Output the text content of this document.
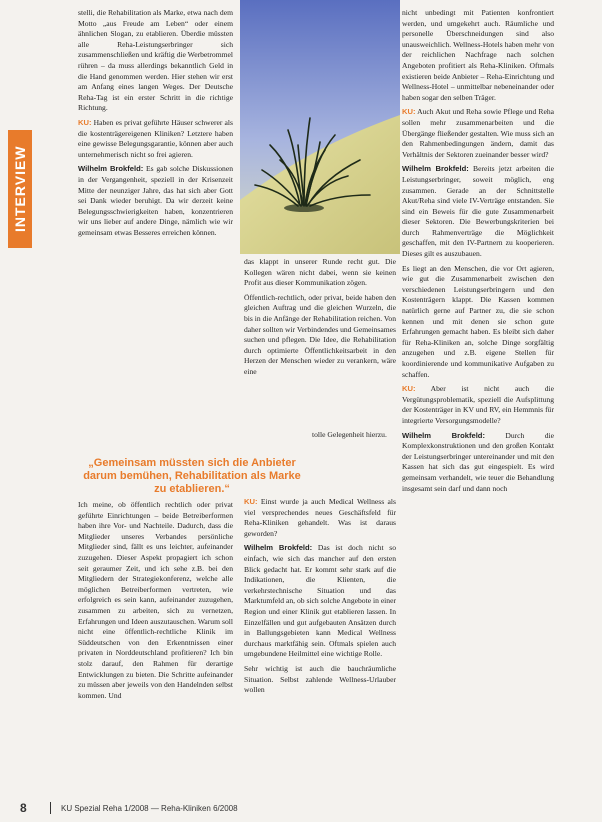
INTERVIEW

stelli, die Rehabilitation als Marke, etwa nach dem Motto „aus Freude am Leben“ oder einem ähnlichen Slogan, zu etablieren. Überdie müssten alle Reha-Leistungserbringer sich zusammenschließen und kräftig die Werbetrommel rühren – da muss allerdings bekanntlich Geld in die Hand genommen werden. Hier stehen wir erst am Anfang eines langen Weges. Der Deutsche Reha-Tag ist ein erster Schritt in die richtige Richtung.

KU: Haben es privat geführte Häuser schwerer als die kostenträgereigenen Kliniken? Letztere haben eine gewisse Belegungsgarantie, können aber auch unternehmerisch nicht so frei agieren.

Wilhelm Brokfeld: Es gab solche Diskussionen in der Vergangenheit, speziell in der Krisenzeit Mitte der neunziger Jahre, das hat sich aber Gott sei Dank wieder beruhigt. Da wir derzeit keine Belegungsschwierigkeiten haben, konzentrieren wir uns lieber auf andere Dinge, nämlich wie wir gemeinsam etwas Besseres erreichen können.

„Gemeinsam müssten sich die Anbieter darum bemühen, Rehabilitation als Marke zu etablieren.“

Ich meine, ob öffentlich rechtlich oder privat geführte Einrichtungen – beide Betreiberformen haben ihre Vor- und Nachteile. Dadurch, dass die Mitglieder unseres Verbandes persönliche Mitglieder sind, fällt es uns leichter, aufeinander zuzugehen. Dieser Aspekt propagiert ich schon seit geraumer Zeit, und ich sehe z.B. bei den Mitgliedern der Strategiekonferenz, welche alle möglichen Betreiberformen vertreten, wie erfolgreich es sein kann, aufeinander zuzugehen, zusammen zu arbeiten, sich zu vernetzen, Erfahrungen und Ideen auszutauschen. Warum soll nicht eine öffentlich-rechtliche Klinik im Süddeutschen von den Erkenntnissen einer privaten in Norddeutschland profitieren? Ich bin stolz darauf, den Rahmen für derartige Entwicklungen zu bieten. Die Schritte aufeinander zu müssen aber jeweils von den Handelnden selbst kommen. Und

das klappt in unserer Runde recht gut. Die Kollegen wären nicht dabei, wenn sie keinen Profit aus dieser Kommunikation zögen.

Öffentlich-rechtlich, oder privat, beide haben den gleichen Auftrag und die gleichen Wurzeln, die bis in die Anfänge der Rehabilitation reichen. Von daher sollten wir Verbindendes und Gemeinsames suchen und pflegen. Die Idee, die Rehabilitation durch optimierte Öffentlichkeitsarbeit in den Herzen der Menschen wieder zu verankern, wäre eine

tolle Gelegenheit hierzu.

KU: Einst wurde ja auch Medical Wellness als viel versprechendes neues Geschäftsfeld für Reha-Kliniken gehandelt. Was ist daraus geworden?

Wilhelm Brokfeld: Das ist doch nicht so einfach, wie sich das mancher auf den ersten Blick gedacht hat. Er kommt sehr stark auf die Indikationen, die Klienten, die verkehrstechnische Situation und das Marktumfeld an, ob sich solche Angebote in einer Region und einer Klinik gut etablieren lassen. In Einzelfällen und gut aufgebauten Ansätzen durch in Ballungsgebieten kann Medical Wellness durchaus marktfähig sein. Oftmals spielen auch umgebundene Heilmittel eine wichtige Rolle.

Sehr wichtig ist auch die bauchräumliche Situation. Selbst zahlende Wellness-Urlauber wollen

nicht unbedingt mit Patienten konfrontiert werden, und umgekehrt auch. Räumliche und personelle Überschneidungen sind also unausweichlich. Wellness-Hotels haben mehr von der reichlichen Nachfrage nach solchen Angeboten profitiert als Reha-Kliniken. Oftmals existieren beide Anbieter – Reha-Einrichtung und Wellness-Hotel – unmittelbar nebeneinander oder haben sogar den selben Träger.

KU: Auch Akut und Reha sowie Pflege und Reha sollen mehr zusammenarbeiten und die Übergänge fließender gestalten. Wie muss sich an den Rahmenbedingungen ändern, damit das Verhältnis der Sektoren zueinander besser wird?

Wilhelm Brokfeld: Bereits jetzt arbeiten die Leistungserbringer, soweit möglich, eng zusammen. Gerade an der Schnittstelle Akut/Reha sind viele IV-Verträge entstanden. Sie sind ein Beweis für die gute Zusammenarbeit dieser Sektoren. Die Bewerbungskriterien bei durch Rahmenverträge die Möglichkeit geschaffen, mit den IV-Partnern zu kooperieren. Dieses gilt es auszubauen.

Es liegt an den Menschen, die vor Ort agieren, wie gut die Zusammenarbeit zwischen den verschiedenen Leistungserbringern und den Kostenträgern klappt. Die Kassen kommen natürlich gerne auf Partner zu, die sie schon kennen und mit denen sie schon gute Erfahrungen gemacht haben. Es bleibt sich daher für Reha-Kliniken an, solche Dinge sorgfältig anzugehen und z.B. eigene Stellen für koordinierende und kommunikative Aufgaben zu schaffen.

KU: Aber ist nicht auch die Vergütungsproblematik, speziell die Aufsplittung der Kostenträger in KV und RV, ein Hemmnis für integrierte Versorgungsmodelle?

Wilhelm Brokfeld:	Durch die Komplexkonstruktionen und den großen Kontakt der Leistungserbringer untereinander und mit den Kassen hat sich das gut eingespielt. Es wird gemeinsam verhandelt, wie teuer die Behandlung insgesamt sein darf und dann noch

8	KU Spezial Reha 1/2008 — Reha-Kliniken 6/2008
